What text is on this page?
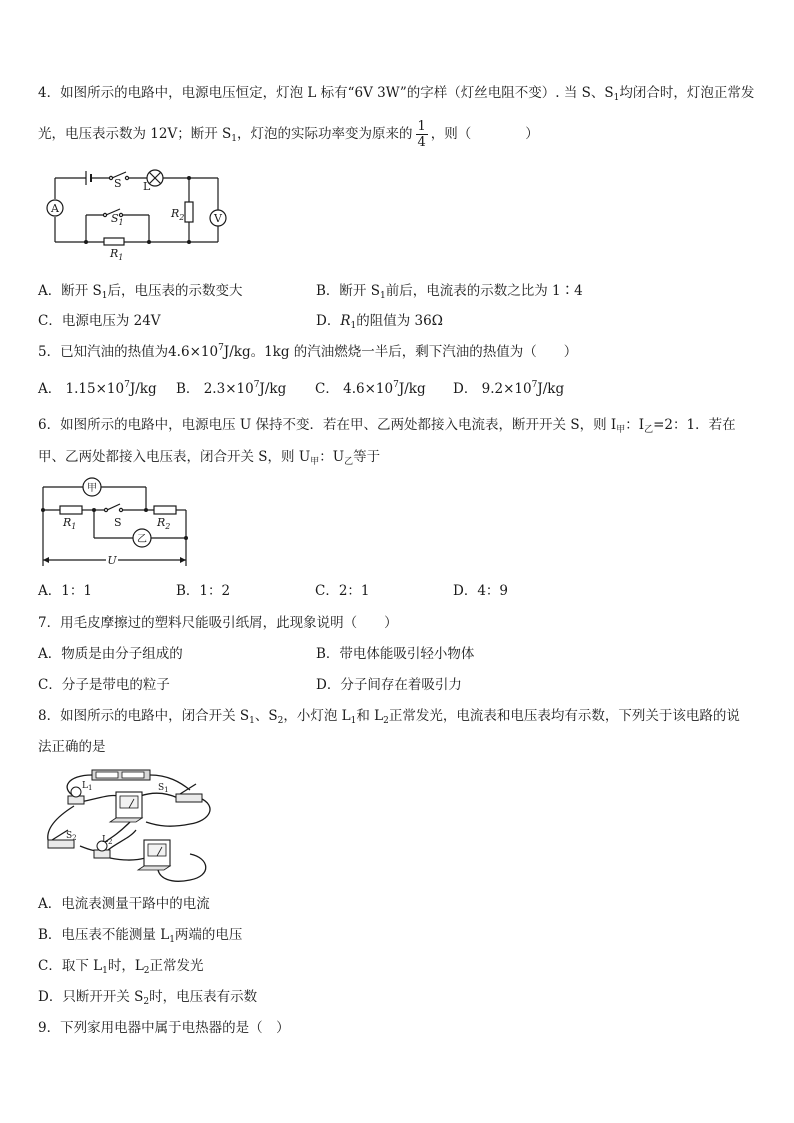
4．如图所示的电路中，电源电压恒定，灯泡 L 标有“6V 3W”的字样（灯丝电阻不变）. 当 S、$S_1$均闭合时，灯泡正常发
光，电压表示数为 12V；断开 $S_1$，灯泡的实际功率变为原来的 $\frac{1}{4}$ ，则（　　　　）
A
V
S L
$S_1$
$R_1$
$R_2$
A．断开 $S_1$后，电压表的示数变大	B．断开 $S_1$前后，电流表的示数之比为 1∶4
C．电源电压为 24V	D．$R_1$的阻值为 36Ω
5．已知汽油的热值为$4.6\times 10^7J/kg$。1kg 的汽油燃烧一半后，剩下汽油的热值为（　　）
A． $1.15\times 10^7J/kg$ B． $2.3\times 10^7J/kg$ C． $4.6\times 10^7J/kg$ D． $9.2\times 10^7J/kg$
6．如图所示的电路中，电源电压 U 保持不变．若在甲、乙两处都接入电流表，断开开关 S，则 $I_甲$：$I_乙=2$：1．若在
甲、乙两处都接入电压表，闭合开关 S，则 $U_甲$：$U_乙$等于
甲
乙
S
$R_1$	$R_2$
U
A．1：1	B．1：2	C．2：1	D．4：9
7．用毛皮摩擦过的塑料尺能吸引纸屑，此现象说明（　　）
A．物质是由分子组成的	B．带电体能吸引轻小物体
C．分子是带电的粒子	D．分子间存在着吸引力
8．如图所示的电路中，闭合开关 $S_1$、$S_2$，小灯泡 $L_1$和 $L_2$正常发光，电流表和电压表均有示数，下列关于该电路的说
法正确的是
$L_1$
$L_2$
$S_1$
$S_2$
A．电流表测量干路中的电流
B．电压表不能测量 $L_1$两端的电压
C．取下 $L_1$时，$L_2$正常发光
D．只断开开关 $S_2$时，电压表有示数
9．下列家用电器中属于电热器的是（　）
